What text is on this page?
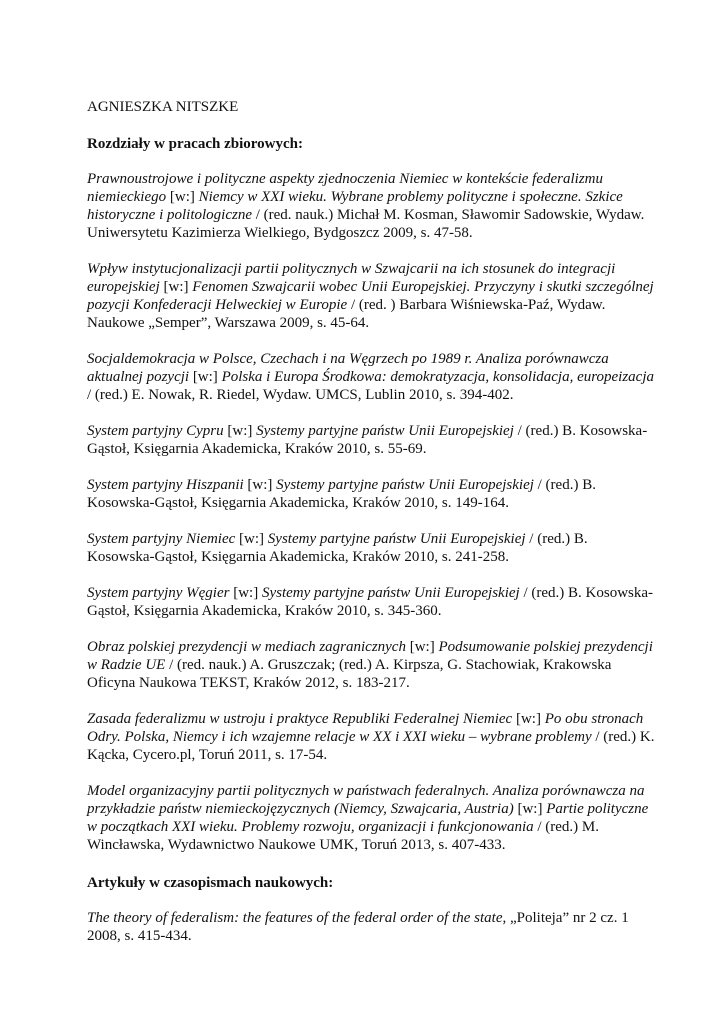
AGNIESZKA NITSZKE
Rozdziały w pracach zbiorowych:
Prawnoustrojowe i polityczne aspekty zjednoczenia Niemiec w kontekście federalizmu niemieckiego [w:] Niemcy w XXI wieku. Wybrane problemy polityczne i społeczne. Szkice historyczne i politologiczne / (red. nauk.) Michał M. Kosman, Sławomir Sadowskie, Wydaw. Uniwersytetu Kazimierza Wielkiego, Bydgoszcz 2009, s. 47-58.
Wpływ instytucjonalizacji partii politycznych w Szwajcarii na ich stosunek do integracji europejskiej [w:] Fenomen Szwajcarii wobec Unii Europejskiej. Przyczyny i skutki szczególnej pozycji Konfederacji Helweckiej w Europie / (red. ) Barbara Wiśniewska-Paź, Wydaw. Naukowe „Semper”, Warszawa 2009, s. 45-64.
Socjaldemokracja w Polsce, Czechach i na Węgrzech po 1989 r. Analiza porównawcza aktualnej pozycji [w:] Polska i Europa Środkowa: demokratyzacja, konsolidacja, europeizacja / (red.) E. Nowak, R. Riedel, Wydaw. UMCS, Lublin 2010, s. 394-402.
System partyjny Cypru [w:] Systemy partyjne państw Unii Europejskiej / (red.) B. Kosowska-Gąstoł, Księgarnia Akademicka, Kraków 2010, s. 55-69.
System partyjny Hiszpanii [w:] Systemy partyjne państw Unii Europejskiej / (red.) B. Kosowska-Gąstoł, Księgarnia Akademicka, Kraków 2010, s. 149-164.
System partyjny Niemiec [w:] Systemy partyjne państw Unii Europejskiej / (red.) B. Kosowska-Gąstoł, Księgarnia Akademicka, Kraków 2010, s. 241-258.
System partyjny Węgier [w:] Systemy partyjne państw Unii Europejskiej / (red.) B. Kosowska-Gąstoł, Księgarnia Akademicka, Kraków 2010, s. 345-360.
Obraz polskiej prezydencji w mediach zagranicznych [w:] Podsumowanie polskiej prezydencji w Radzie UE / (red. nauk.) A. Gruszczak; (red.) A. Kirpsza, G. Stachowiak, Krakowska Oficyna Naukowa TEKST, Kraków 2012, s. 183-217.
Zasada federalizmu w ustroju i praktyce Republiki Federalnej Niemiec [w:] Po obu stronach Odry. Polska, Niemcy i ich wzajemne relacje w XX i XXI wieku – wybrane problemy / (red.) K. Kącka, Cycero.pl, Toruń 2011, s. 17-54.
Model organizacyjny partii politycznych w państwach federalnych. Analiza porównawcza na przykładzie państw niemieckojęzycznych (Niemcy, Szwajcaria, Austria) [w:] Partie polityczne w początkach XXI wieku. Problemy rozwoju, organizacji i funkcjonowania / (red.) M. Wincławska, Wydawnictwo Naukowe UMK, Toruń 2013, s. 407-433.
Artykuły w czasopismach naukowych:
The theory of federalism: the features of the federal order of the state, „Politeja” nr 2 cz. 1 2008, s. 415-434.
